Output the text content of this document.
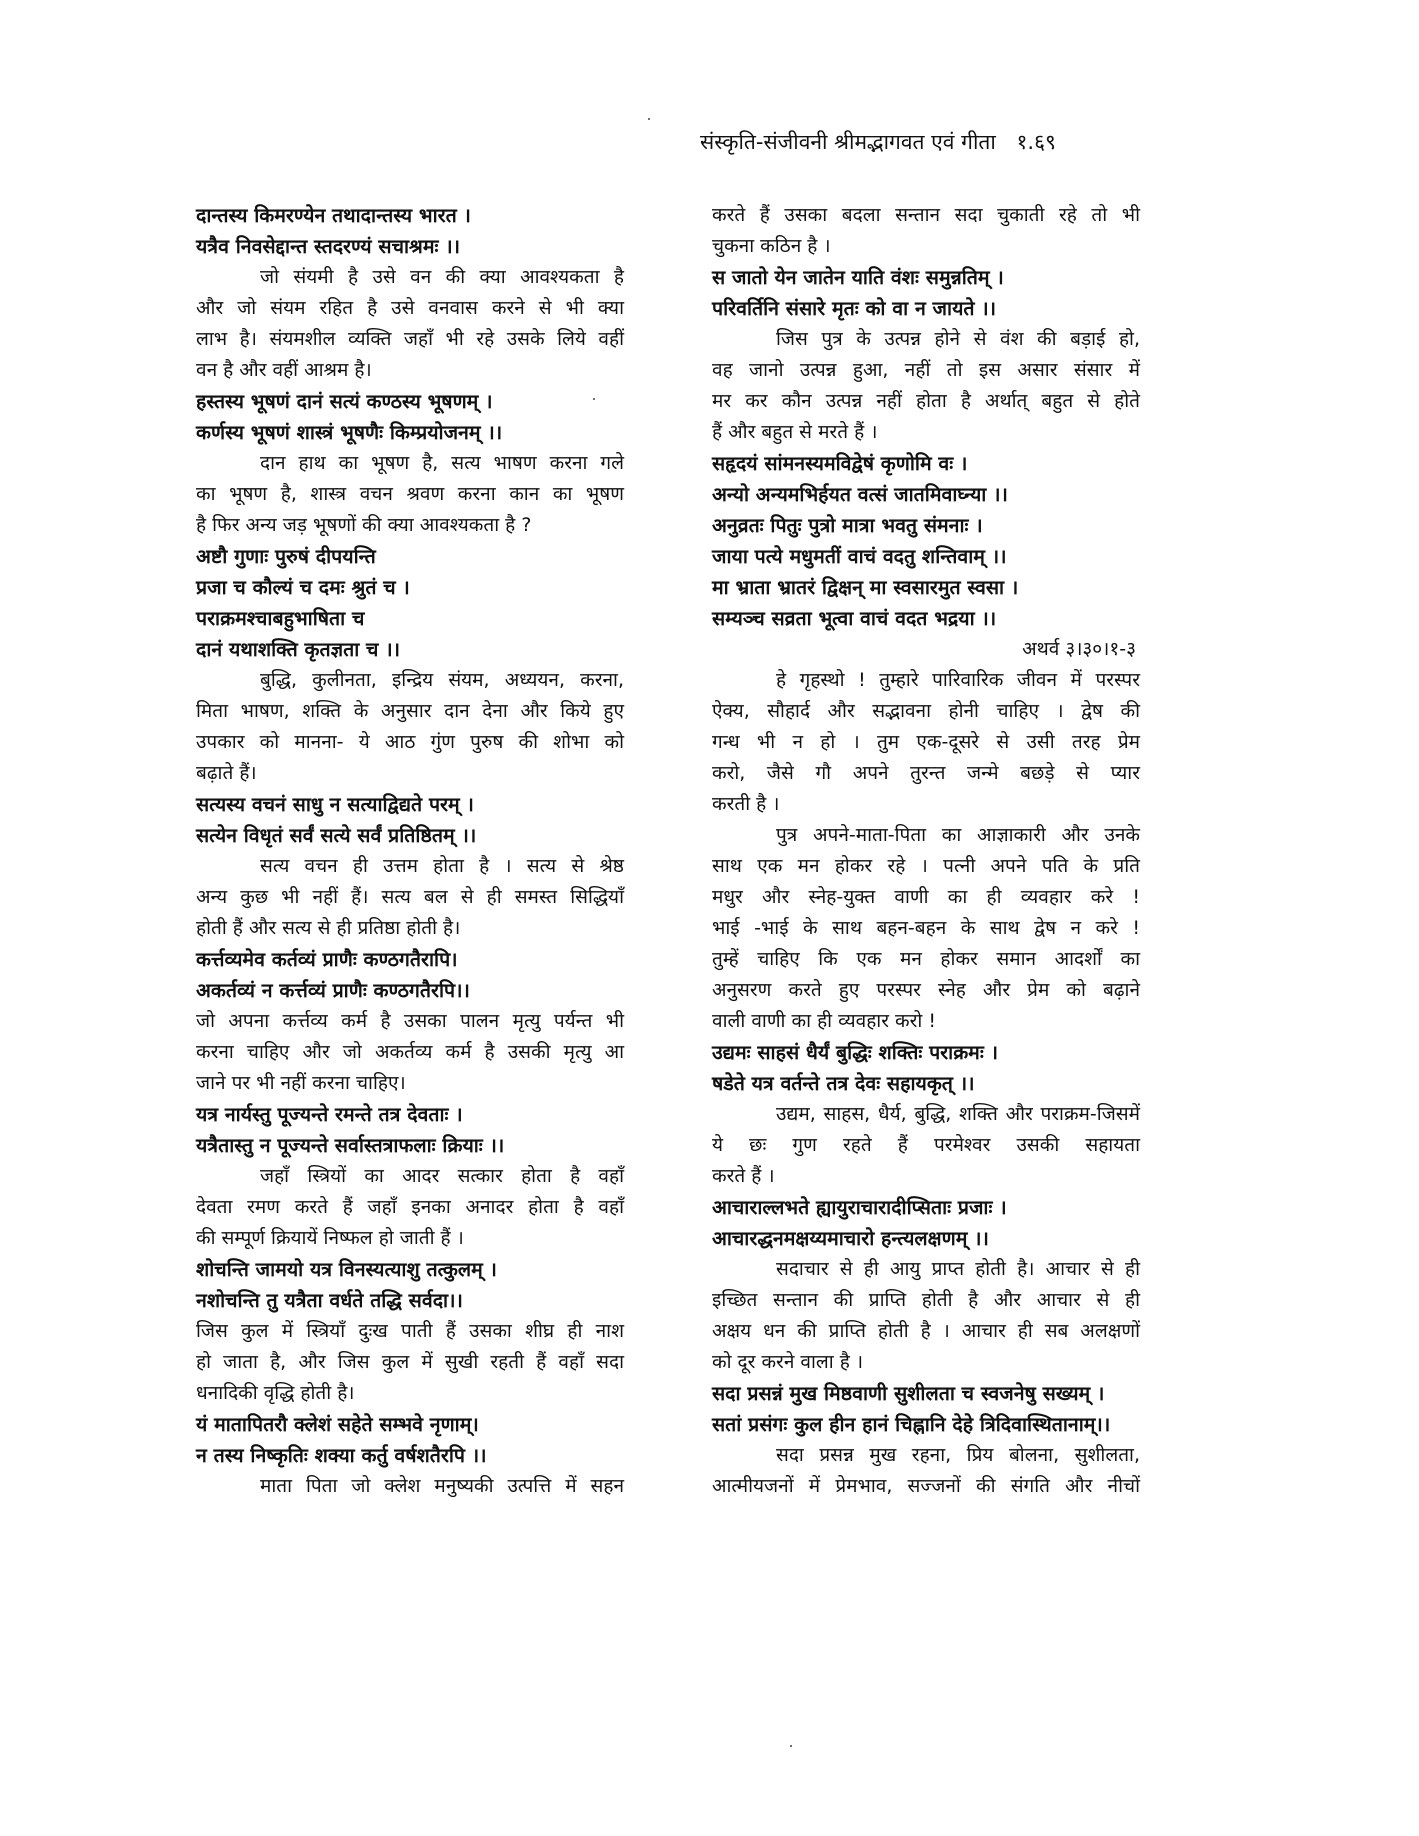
संस्कृति-संजीवनी श्रीमद्भागवत एवं गीता १.६९
दान्तस्य किमरण्येन तथादान्तस्य भारत ।
यत्रैव निवसेद्दान्त स्तदरण्यं सचाश्रमः ।।
जो संयमी है उसे वन की क्या आवश्यकता है
और जो संयम रहित है उसे वनवास करने से भी क्या
लाभ है। संयमशील व्यक्ति जहाँ भी रहे उसके लिये वहीं
वन है और वहीं आश्रम है।
हस्तस्य भूषणं दानं सत्यं कण्ठस्य भूषणम् ।
कर्णस्य भूषणं शास्त्रं भूषणैः किम्प्रयोजनम् ।।
दान हाथ का भूषण है, सत्य भाषण करना गले
का भूषण है, शास्त्र वचन श्रवण करना कान का भूषण
है फिर अन्य जड़ भूषणों की क्या आवश्यकता है ?
अष्टौ गुणाः पुरुषं दीपयन्ति
प्रजा च कौल्यं च दमः श्रुतं च ।
पराक्रमश्चाबहुभाषिता च
दानं यथाशक्ति कृतज्ञता च ।।
बुद्धि, कुलीनता, इन्द्रिय संयम, अध्ययन, करना,
मिता भाषण, शक्ति के अनुसार दान देना और किये हुए
उपकार को मानना- ये आठ गुंण पुरुष की शोभा को
बढ़ाते हैं।
सत्यस्य वचनं साधु न सत्याद्विद्यते परम् ।
सत्येन विधृतं सर्वं सत्ये सर्वं प्रतिष्ठितम् ।।
सत्य वचन ही उत्तम होता है । सत्य से श्रेष्ठ
अन्य कुछ भी नहीं हैं। सत्य बल से ही समस्त सिद्धियाँ
होती हैं और सत्य से ही प्रतिष्ठा होती है।
कर्त्तव्यमेव कर्तव्यं प्राणैः कण्ठगतैरापि।
अकर्तव्यं न कर्त्तव्यं प्राणैः कण्ठगतैरपि।।
जो अपना कर्त्तव्य कर्म है उसका पालन मृत्यु पर्यन्त भी
करना चाहिए और जो अकर्तव्य कर्म है उसकी मृत्यु आ
जाने पर भी नहीं करना चाहिए।
यत्र नार्यस्तु पूज्यन्ते रमन्ते तत्र देवताः ।
यत्रैतास्तु न पूज्यन्ते सर्वास्तत्राफलाः क्रियाः ।।
जहाँ स्त्रियों का आदर सत्कार होता है वहाँ
देवता रमण करते हैं जहाँ इनका अनादर होता है वहाँ
की सम्पूर्ण क्रियायें निष्फल हो जाती हैं ।
शोचन्ति जामयो यत्र विनस्यत्याशु तत्कुलम् ।
नशोचन्ति तु यत्रैता वर्धते तद्धि सर्वदा।।
जिस कुल में स्त्रियाँ दुःख पाती हैं उसका शीघ्र ही नाश
हो जाता है, और जिस कुल में सुखी रहती हैं वहाँ सदा
धनादिकी वृद्धि होती है।
यं मातापितरौ क्लेशं सहेते सम्भवे नृणाम्।
न तस्य निष्कृतिः शक्या कर्तु वर्षशतैरपि ।।
माता पिता जो क्लेश मनुष्यकी उत्पत्ति में सहन
करते हैं उसका बदला सन्तान सदा चुकाती रहे तो भी
चुकना कठिन है ।
स जातो येन जातेन याति वंशः समुन्नतिम् ।
परिवर्तिनि संसारे मृतः को वा न जायते ।।
जिस पुत्र के उत्पन्न होने से वंश की बड़ाई हो,
वह जानो उत्पन्न हुआ, नहीं तो इस असार संसार में
मर कर कौन उत्पन्न नहीं होता है अर्थात् बहुत से होते
हैं और बहुत से मरते हैं ।
सहृदयं सांमनस्यमविद्वेषं कृणोमि वः ।
अन्यो अन्यमभिर्हयत वत्सं जातमिवाघ्न्या ।।
अनुव्रतः पितुः पुत्रो मात्रा भवतु संमनाः ।
जाया पत्ये मधुमतीं वाचं वदतु शन्तिवाम् ।।
मा भ्राता भ्रातरं द्विक्षन् मा स्वसारमुत स्वसा ।
सम्यञ्च सव्रता भूत्वा वाचं वदत भद्रया ।।
अथर्व ३।३०।१-३
हे गृहस्थो ! तुम्हारे पारिवारिक जीवन में परस्पर
ऐक्य, सौहार्द और सद्भावना होनी चाहिए । द्वेष की
गन्ध भी न हो । तुम एक-दूसरे से उसी तरह प्रेम
करो, जैसे गौ अपने तुरन्त जन्मे बछड़े से प्यार
करती है ।
पुत्र अपने-माता-पिता का आज्ञाकारी और उनके
साथ एक मन होकर रहे । पत्नी अपने पति के प्रति
मधुर और स्नेह-युक्त वाणी का ही व्यवहार करे !
भाई -भाई के साथ बहन-बहन के साथ द्वेष न करे !
तुम्हें चाहिए कि एक मन होकर समान आदर्शों का
अनुसरण करते हुए परस्पर स्नेह और प्रेम को बढ़ाने
वाली वाणी का ही व्यवहार करो !
उद्यमः साहसं धैर्यं बुद्धिः शक्तिः पराक्रमः ।
षडेते यत्र वर्तन्ते तत्र देवः सहायकृत् ।।
उद्यम, साहस, धैर्य, बुद्धि, शक्ति और पराक्रम-जिसमें
ये छः गुण रहते हैं परमेश्वर उसकी सहायता
करते हैं ।
आचाराल्लभते ह्यायुराचारादीप्सिताः प्रजाः ।
आचारद्धनमक्षय्यमाचारो हन्त्यलक्षणम् ।।
सदाचार से ही आयु प्राप्त होती है। आचार से ही
इच्छित सन्तान की प्राप्ति होती है और आचार से ही
अक्षय धन की प्राप्ति होती है । आचार ही सब अलक्षणों
को दूर करने वाला है ।
सदा प्रसन्नं मुख मिष्ठवाणी सुशीलता च स्वजनेषु सख्यम् ।
सतां प्रसंगः कुल हीन हानं चिह्नानि देहे त्रिदिवास्थितानाम्।।
सदा प्रसन्न मुख रहना, प्रिय बोलना, सुशीलता,
आत्मीयजनों में प्रेमभाव, सज्जनों की संगति और नीचों
